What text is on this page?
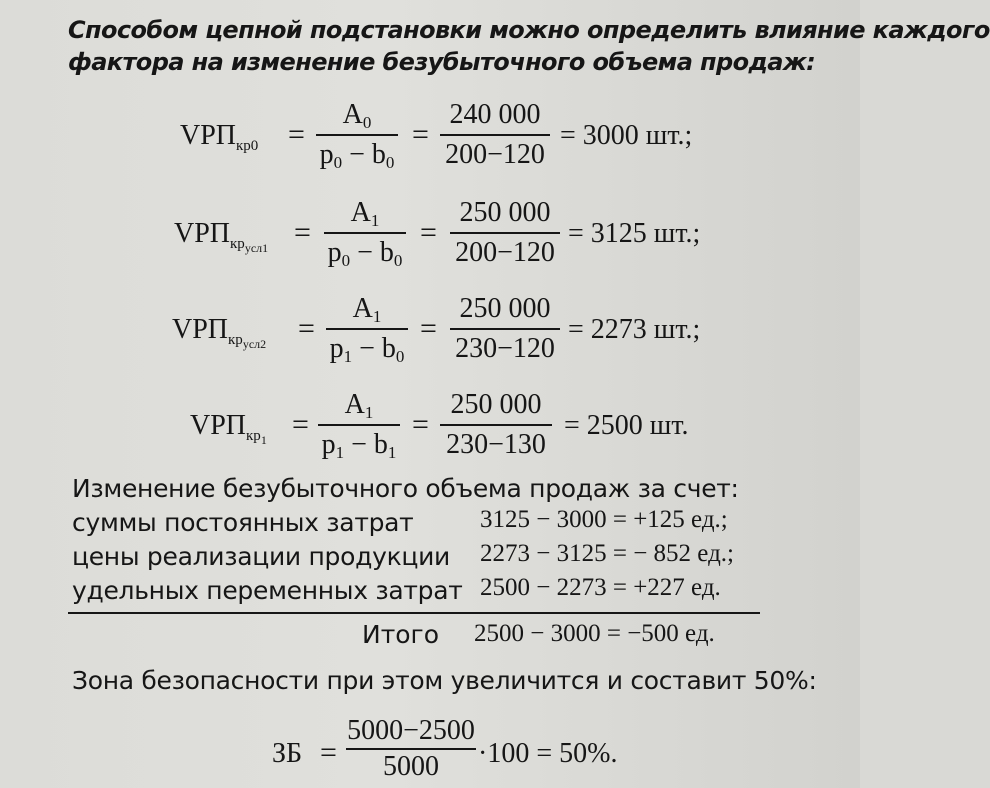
Способом цепной подстановки можно определить влияние каждого
фактора на изменение безубыточного объема продаж:
$VРП_{кр0}$ =
$A_0$
$p_0 - b_0$
=
240 000
200−120
= 3000 шт.;
$VРП_{кр_{усл1}}$ =
$A_1$
$p_0 - b_0$
=
250 000
200−120
= 3125 шт.;
$VРП_{кр_{усл2}}$ =
$A_1$
$p_1 - b_0$
=
250 000
230−120
= 2273 шт.;
$VРП_{кр_1}$ =
$A_1$
$p_1 - b_1$
=
250 000
230−130
= 2500 шт.
Изменение безубыточного объема продаж за счет:
суммы постоянных затрат	3125 − 3000 = +125 ед.;
цены реализации продукции 2273 − 3125 = − 852 ед.;
удельных переменных затрат 2500 − 2273 = +227 ед.
Итого 2500 − 3000 = −500 ед.
Зона безопасности при этом увеличится и составит 50%:
ЗБ =
5000−2500
5000	·100 = 50%.
